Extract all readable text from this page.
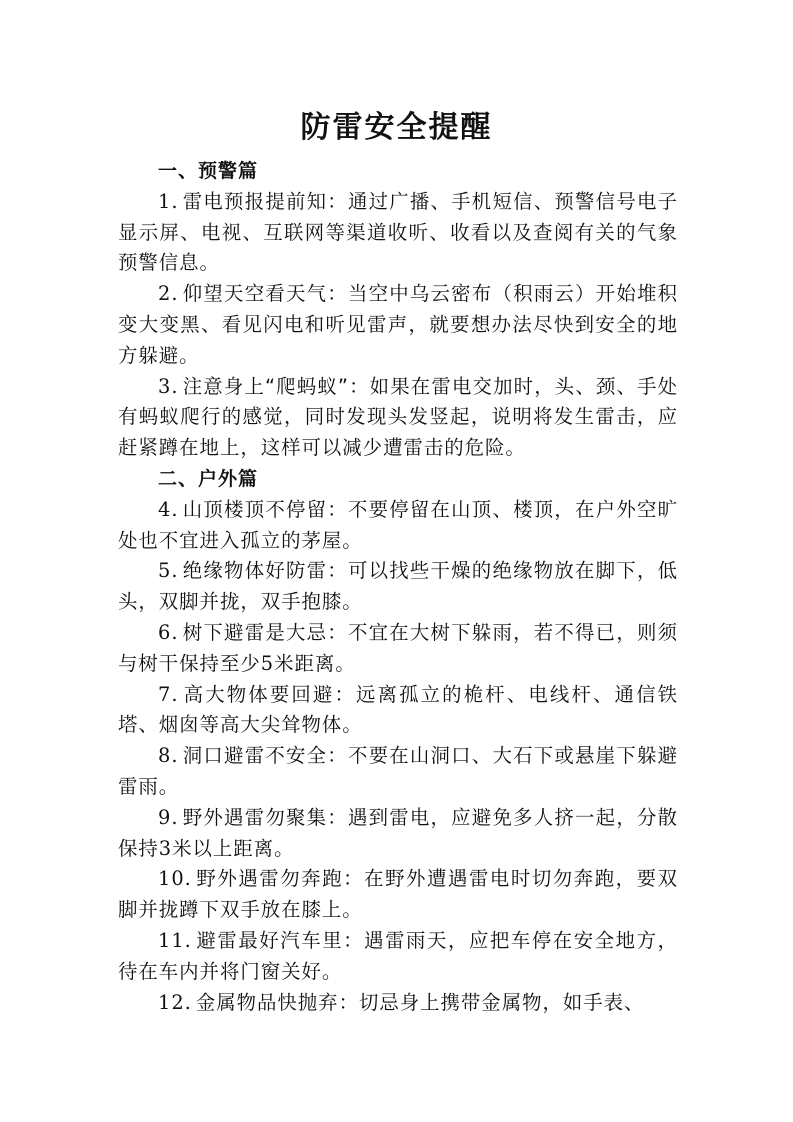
防雷安全提醒

一、预警篇

1. 雷电预报提前知：通过广播、手机短信、预警信号电子显示屏、电视、互联网等渠道收听、收看以及查阅有关的气象预警信息。

2. 仰望天空看天气：当空中乌云密布（积雨云）开始堆积变大变黑、看见闪电和听见雷声，就要想办法尽快到安全的地方躲避。

3. 注意身上“爬蚂蚁”：如果在雷电交加时，头、颈、手处有蚂蚁爬行的感觉，同时发现头发竖起，说明将发生雷击，应赶紧蹲在地上，这样可以减少遭雷击的危险。

二、户外篇

4. 山顶楼顶不停留：不要停留在山顶、楼顶，在户外空旷处也不宜进入孤立的茅屋。

5. 绝缘物体好防雷：可以找些干燥的绝缘物放在脚下，低头，双脚并拢，双手抱膝。

6. 树下避雷是大忌：不宜在大树下躲雨，若不得已，则须与树干保持至少5米距离。

7. 高大物体要回避：远离孤立的桅杆、电线杆、通信铁塔、烟囱等高大尖耸物体。

8. 洞口避雷不安全：不要在山洞口、大石下或悬崖下躲避雷雨。

9. 野外遇雷勿聚集：遇到雷电，应避免多人挤一起，分散保持3米以上距离。

10. 野外遇雷勿奔跑：在野外遭遇雷电时切勿奔跑，要双脚并拢蹲下双手放在膝上。

11. 避雷最好汽车里：遇雷雨天，应把车停在安全地方，待在车内并将门窗关好。

12. 金属物品快抛弃：切忌身上携带金属物，如手表、
